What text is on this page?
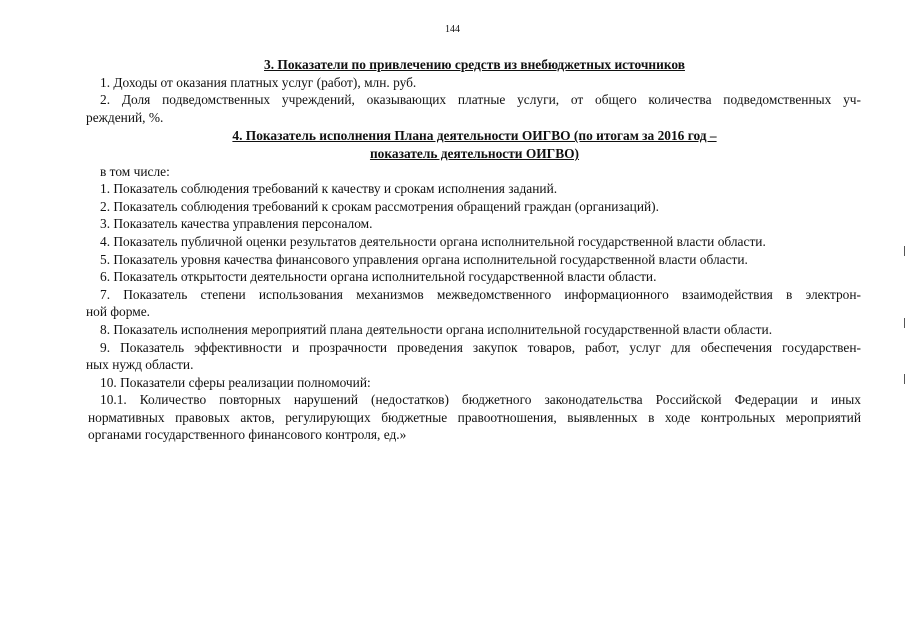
144

3. Показатели по привлечению средств из внебюджетных источников

1. Доходы от оказания платных услуг (работ), млн. руб.
2. Доля подведомственных учреждений, оказывающих платные услуги, от общего количества подведомственных уч-
реждений, %.
4. Показатель исполнения Плана деятельности ОИГВО (по итогам за 2016 год –
показатель деятельности ОИГВО)
в том числе:
1. Показатель соблюдения требований к качеству и срокам исполнения заданий.
2. Показатель соблюдения требований к срокам рассмотрения обращений граждан (организаций).
3. Показатель качества управления персоналом.
4. Показатель публичной оценки результатов деятельности органа исполнительной государственной власти области.
5. Показатель уровня качества финансового управления органа исполнительной государственной власти области.
6. Показатель открытости деятельности органа исполнительной государственной власти области.
7. Показатель степени использования механизмов межведомственного информационного взаимодействия в электрон-
ной форме.
8. Показатель исполнения мероприятий плана деятельности органа исполнительной государственной власти области.
9. Показатель эффективности и прозрачности проведения закупок товаров, работ, услуг для обеспечения государствен-
ных нужд области.
10. Показатели сферы реализации полномочий:
10.1. Количество повторных нарушений (недостатков) бюджетного законодательства Российской Федерации и иных
нормативных правовых актов, регулирующих бюджетные правоотношения, выявленных в ходе контрольных мероприятий
органами государственного финансового контроля, ед.»
